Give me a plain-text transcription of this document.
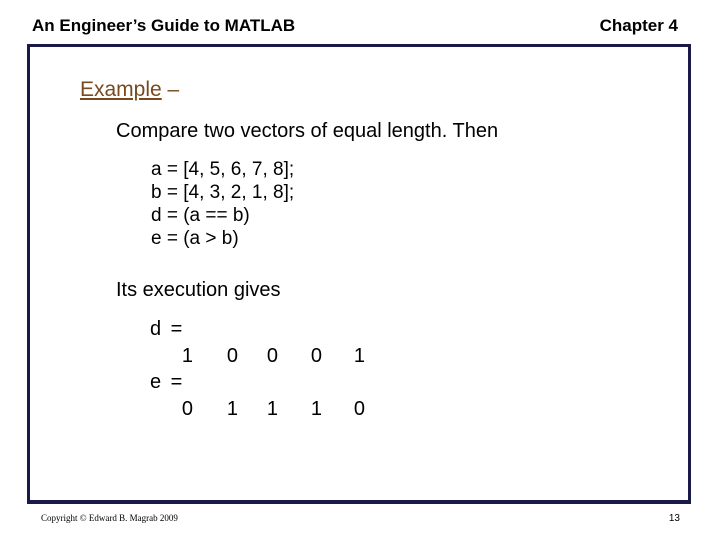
An Engineer’s Guide to MATLAB	Chapter 4
Example –
Compare two vectors of equal length. Then
a = [4, 5, 6, 7, 8];
b = [4, 3, 2, 1, 8];
d = (a == b)
e = (a > b)
Its execution gives
d =
1	0	0	0	1
e =
0	1	1	1	0
Copyright © Edward B. Magrab 2009	13
